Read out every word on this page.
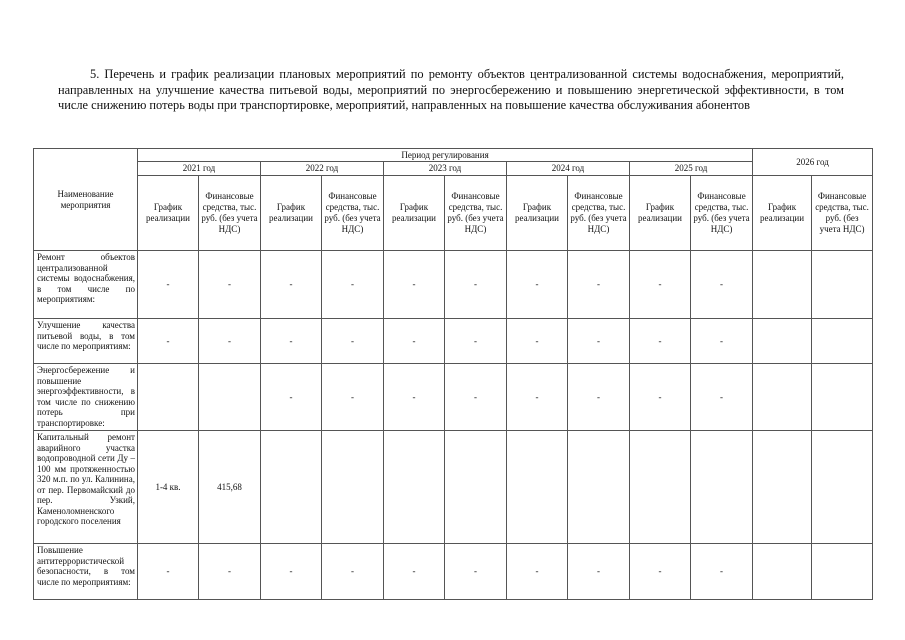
5. Перечень и график реализации плановых мероприятий по ремонту объектов централизованной системы водоснабжения, мероприятий, направленных на улучшение качества питьевой воды, мероприятий по энергосбережению и повышению энергетической эффективности, в том числе снижению потерь воды при транспортировке, мероприятий, направленных на повышение качества обслуживания абонентов
Наименование мероприятия	Период регулирования										2026 год	
	2021 год		2022 год		2023 год		2024 год		2025 год			
	График реализации	Финансовые средства, тыс. руб. (без учета НДС)	График реализации	Финансовые средства, тыс. руб. (без учета НДС)	График реализации	Финансовые средства, тыс. руб. (без учета НДС)	График реализации	Финансовые средства, тыс. руб. (без учета НДС)	График реализации	Финансовые средства, тыс. руб. (без учета НДС)	График реализации	Финансовые средства, тыс. руб. (без учета НДС)
Ремонт объектов централизованной системы водоснабжения, в том числе по мероприятиям:	-	-	-	-	-	-	-	-	-	-		
Улучшение качества питьевой воды, в том числе по мероприятиям:	-	-	-	-	-	-	-	-	-	-		
Энергосбережение и повышение энергоэффективности, в том числе по снижению потерь при транспортировке:			-	-	-	-	-	-	-	-		
Капитальный ремонт аварийного участка водопроводной сети Ду – 100 мм протяженностью 320 м.п. по ул. Калинина, от пер. Первомайский до пер. Узкий, Каменоломненского городского поселения	1-4 кв.	415,68										
Повышение антитеррористической безопасности, в том числе по мероприятиям:	-	-	-	-	-	-	-	-	-	-		
